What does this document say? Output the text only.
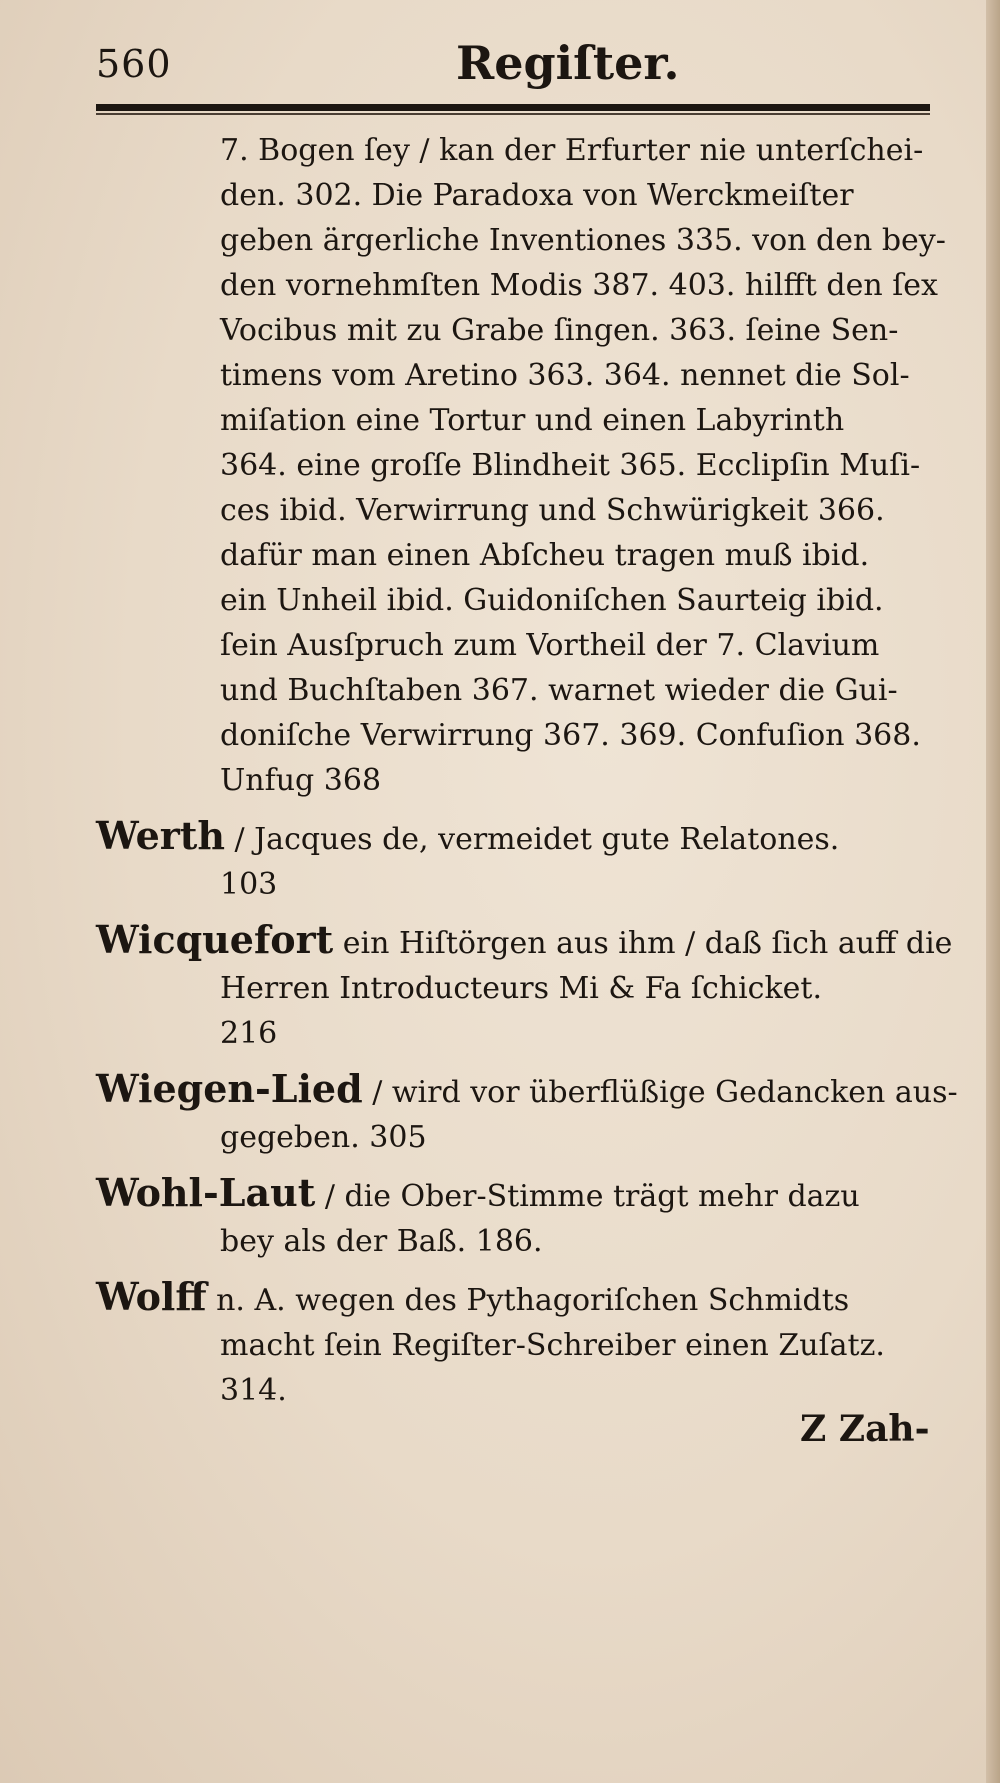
560	Regiſter.
7. Bogen ſey / kan der Erfurter nie unterſchei-
den. 302. Die Paradoxa von Werckmeiſter
geben ärgerliche Inventiones 335. von den bey-
den vornehmſten Modis 387. 403. hilfft den ſex
Vocibus mit zu Grabe ſingen. 363. ſeine Sen-
timens vom Aretino 363. 364. nennet die Sol-
miſation eine Tortur und einen Labyrinth
364. eine groſſe Blindheit 365. Ecclipſin Muſi-
ces ibid. Verwirrung und Schwürigkeit 366.
dafür man einen Abſcheu tragen muß ibid.
ein Unheil ibid. Guidoniſchen Saurteig ibid.
ſein Ausſpruch zum Vortheil der 7. Clavium
und Buchſtaben 367. warnet wieder die Gui-
doniſche Verwirrung 367. 369. Confuſion 368.
Unfug 368
Werth / Jacques de, vermeidet gute Relatones.
103
Wicquefort ein Hiſtörgen aus ihm / daß ſich auff die
Herren Introducteurs Mi & Fa ſchicket.
216
Wiegen-Lied / wird vor überflüßige Gedancken aus-
gegeben. 305
Wohl-Laut / die Ober-Stimme trägt mehr dazu
bey als der Baß. 186.
Wolff n. A. wegen des Pythagoriſchen Schmidts
macht ſein Regiſter-Schreiber einen Zuſatz.
314.
Z Zah-
